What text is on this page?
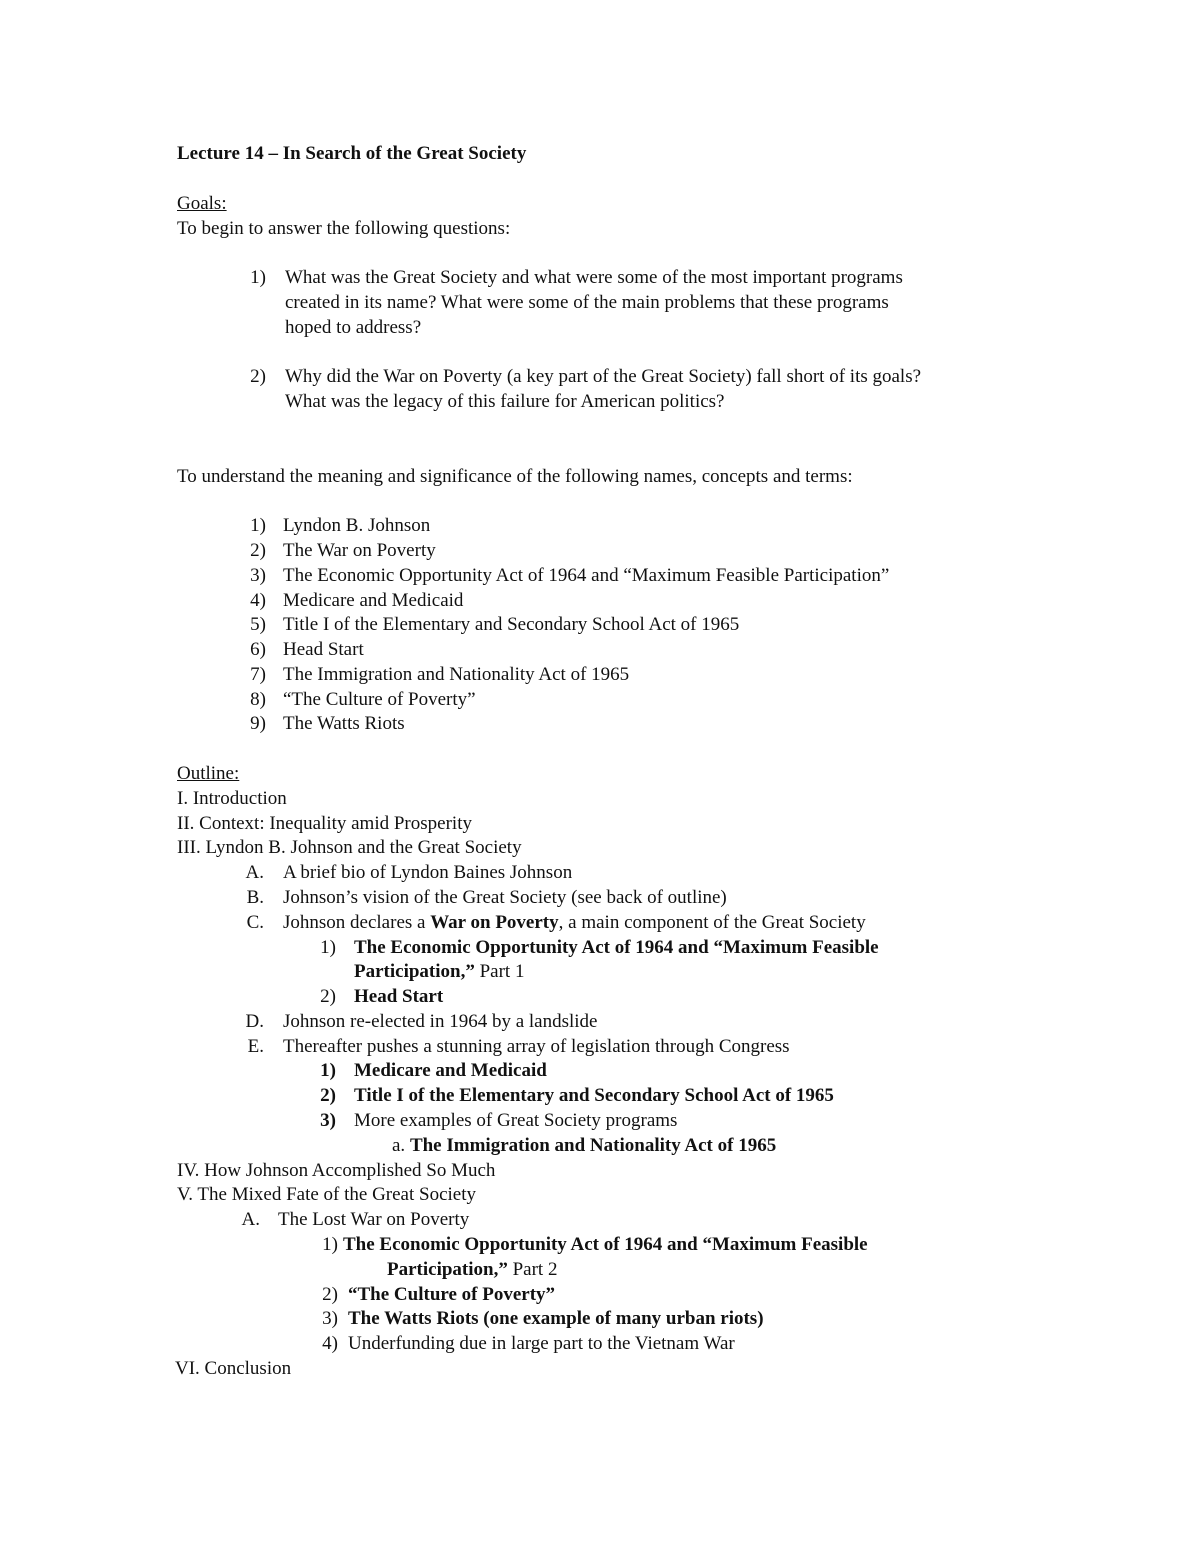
Lecture 14 – In Search of the Great Society
Goals:
To begin to answer the following questions:
1) What was the Great Society and what were some of the most important programs
created in its name? What were some of the main problems that these programs
hoped to address?
2) Why did the War on Poverty (a key part of the Great Society) fall short of its goals?
What was the legacy of this failure for American politics?
To understand the meaning and significance of the following names, concepts and terms:
1) Lyndon B. Johnson
2) The War on Poverty
3) The Economic Opportunity Act of 1964 and “Maximum Feasible Participation”
4) Medicare and Medicaid
5) Title I of the Elementary and Secondary School Act of 1965
6) Head Start
7) The Immigration and Nationality Act of 1965
8) “The Culture of Poverty”
9) The Watts Riots
Outline:
I. Introduction
II. Context: Inequality amid Prosperity
III. Lyndon B. Johnson and the Great Society
A. A brief bio of Lyndon Baines Johnson
B. Johnson’s vision of the Great Society (see back of outline)
C. Johnson declares a War on Poverty, a main component of the Great Society
1) The Economic Opportunity Act of 1964 and “Maximum Feasible
Participation,” Part 1
2) Head Start
D. Johnson re-elected in 1964 by a landslide
E. Thereafter pushes a stunning array of legislation through Congress
1) Medicare and Medicaid
2) Title I of the Elementary and Secondary School Act of 1965
3) More examples of Great Society programs
a. The Immigration and Nationality Act of 1965
IV. How Johnson Accomplished So Much
V. The Mixed Fate of the Great Society
A. The Lost War on Poverty
1) The Economic Opportunity Act of 1964 and “Maximum Feasible
Participation,” Part 2
2) “The Culture of Poverty”
3) The Watts Riots (one example of many urban riots)
4) Underfunding due in large part to the Vietnam War
VI. Conclusion
